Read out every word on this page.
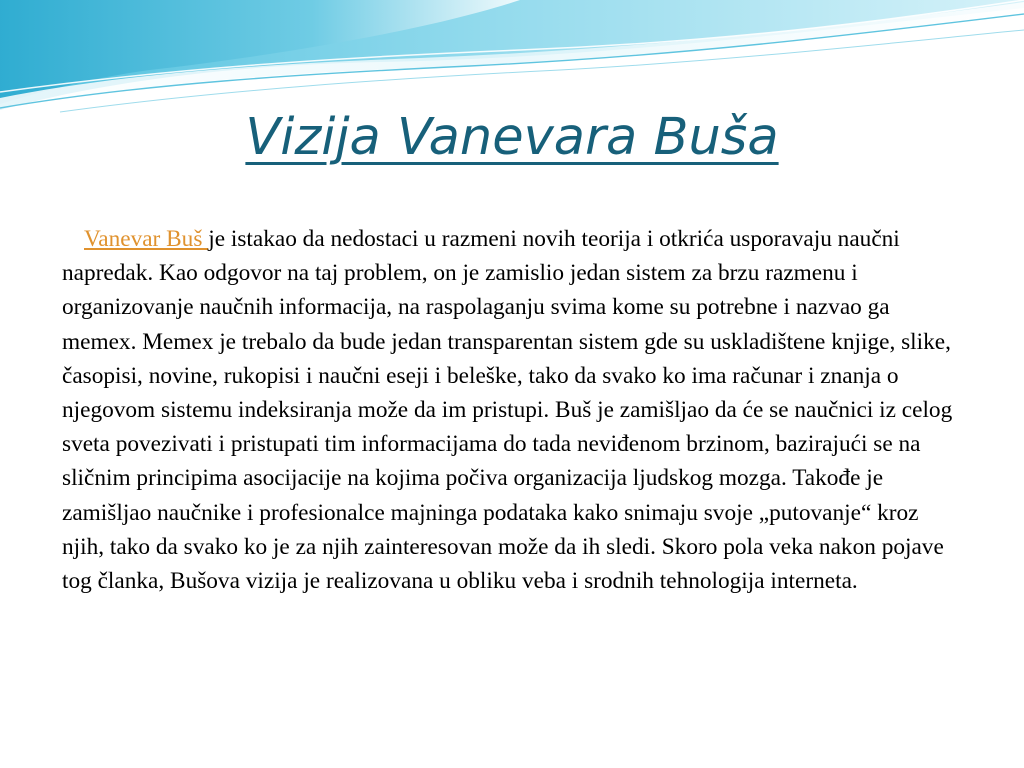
Vizija Vanevara Buša

Vanevar Buš je istakao da nedostaci u razmeni novih teorija i otkrića usporavaju naučni napredak. Kao odgovor na taj problem, on je zamislio jedan sistem za brzu razmenu i organizovanje naučnih informacija, na raspolaganju svima kome su potrebne i nazvao ga memex. Memex je trebalo da bude jedan transparentan sistem gde su uskladištene knjige, slike, časopisi, novine, rukopisi i naučni eseji i beleške, tako da svako ko ima računar i znanja o njegovom sistemu indeksiranja može da im pristupi. Buš je zamišljao da će se naučnici iz celog sveta povezivati i pristupati tim informacijama do tada neviđenom brzinom, bazirajući se na sličnim principima asocijacije na kojima počiva organizacija ljudskog mozga. Takođe je zamišljao naučnike i profesionalce majninga podataka kako snimaju svoje „putovanje“ kroz njih, tako da svako ko je za njih zainteresovan može da ih sledi. Skoro pola veka nakon pojave tog članka, Bušova vizija je realizovana u obliku veba i srodnih tehnologija interneta.
